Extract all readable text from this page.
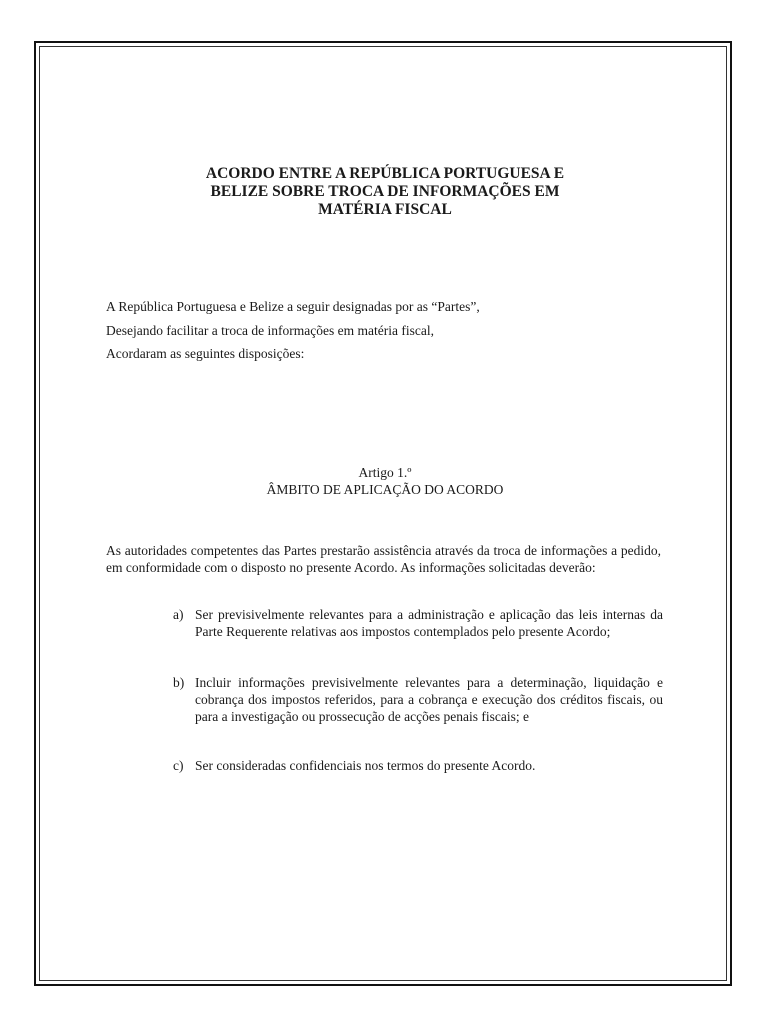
ACORDO ENTRE A REPÚBLICA PORTUGUESA E
BELIZE SOBRE TROCA DE INFORMAÇÕES EM
MATÉRIA FISCAL
A República Portuguesa e Belize a seguir designadas por as “Partes”,
Desejando facilitar a troca de informações em matéria fiscal,
Acordaram as seguintes disposições:
Artigo 1.º
ÂMBITO DE APLICAÇÃO DO ACORDO
As autoridades competentes das Partes prestarão assistência através da troca de informações a pedido, em conformidade com o disposto no presente Acordo. As informações solicitadas deverão:
a) Ser previsivelmente relevantes para a administração e aplicação das leis internas da Parte Requerente relativas aos impostos contemplados pelo presente Acordo;
b) Incluir informações previsivelmente relevantes para a determinação, liquidação e cobrança dos impostos referidos, para a cobrança e execução dos créditos fiscais, ou para a investigação ou prossecução de acções penais fiscais; e
c) Ser consideradas confidenciais nos termos do presente Acordo.
